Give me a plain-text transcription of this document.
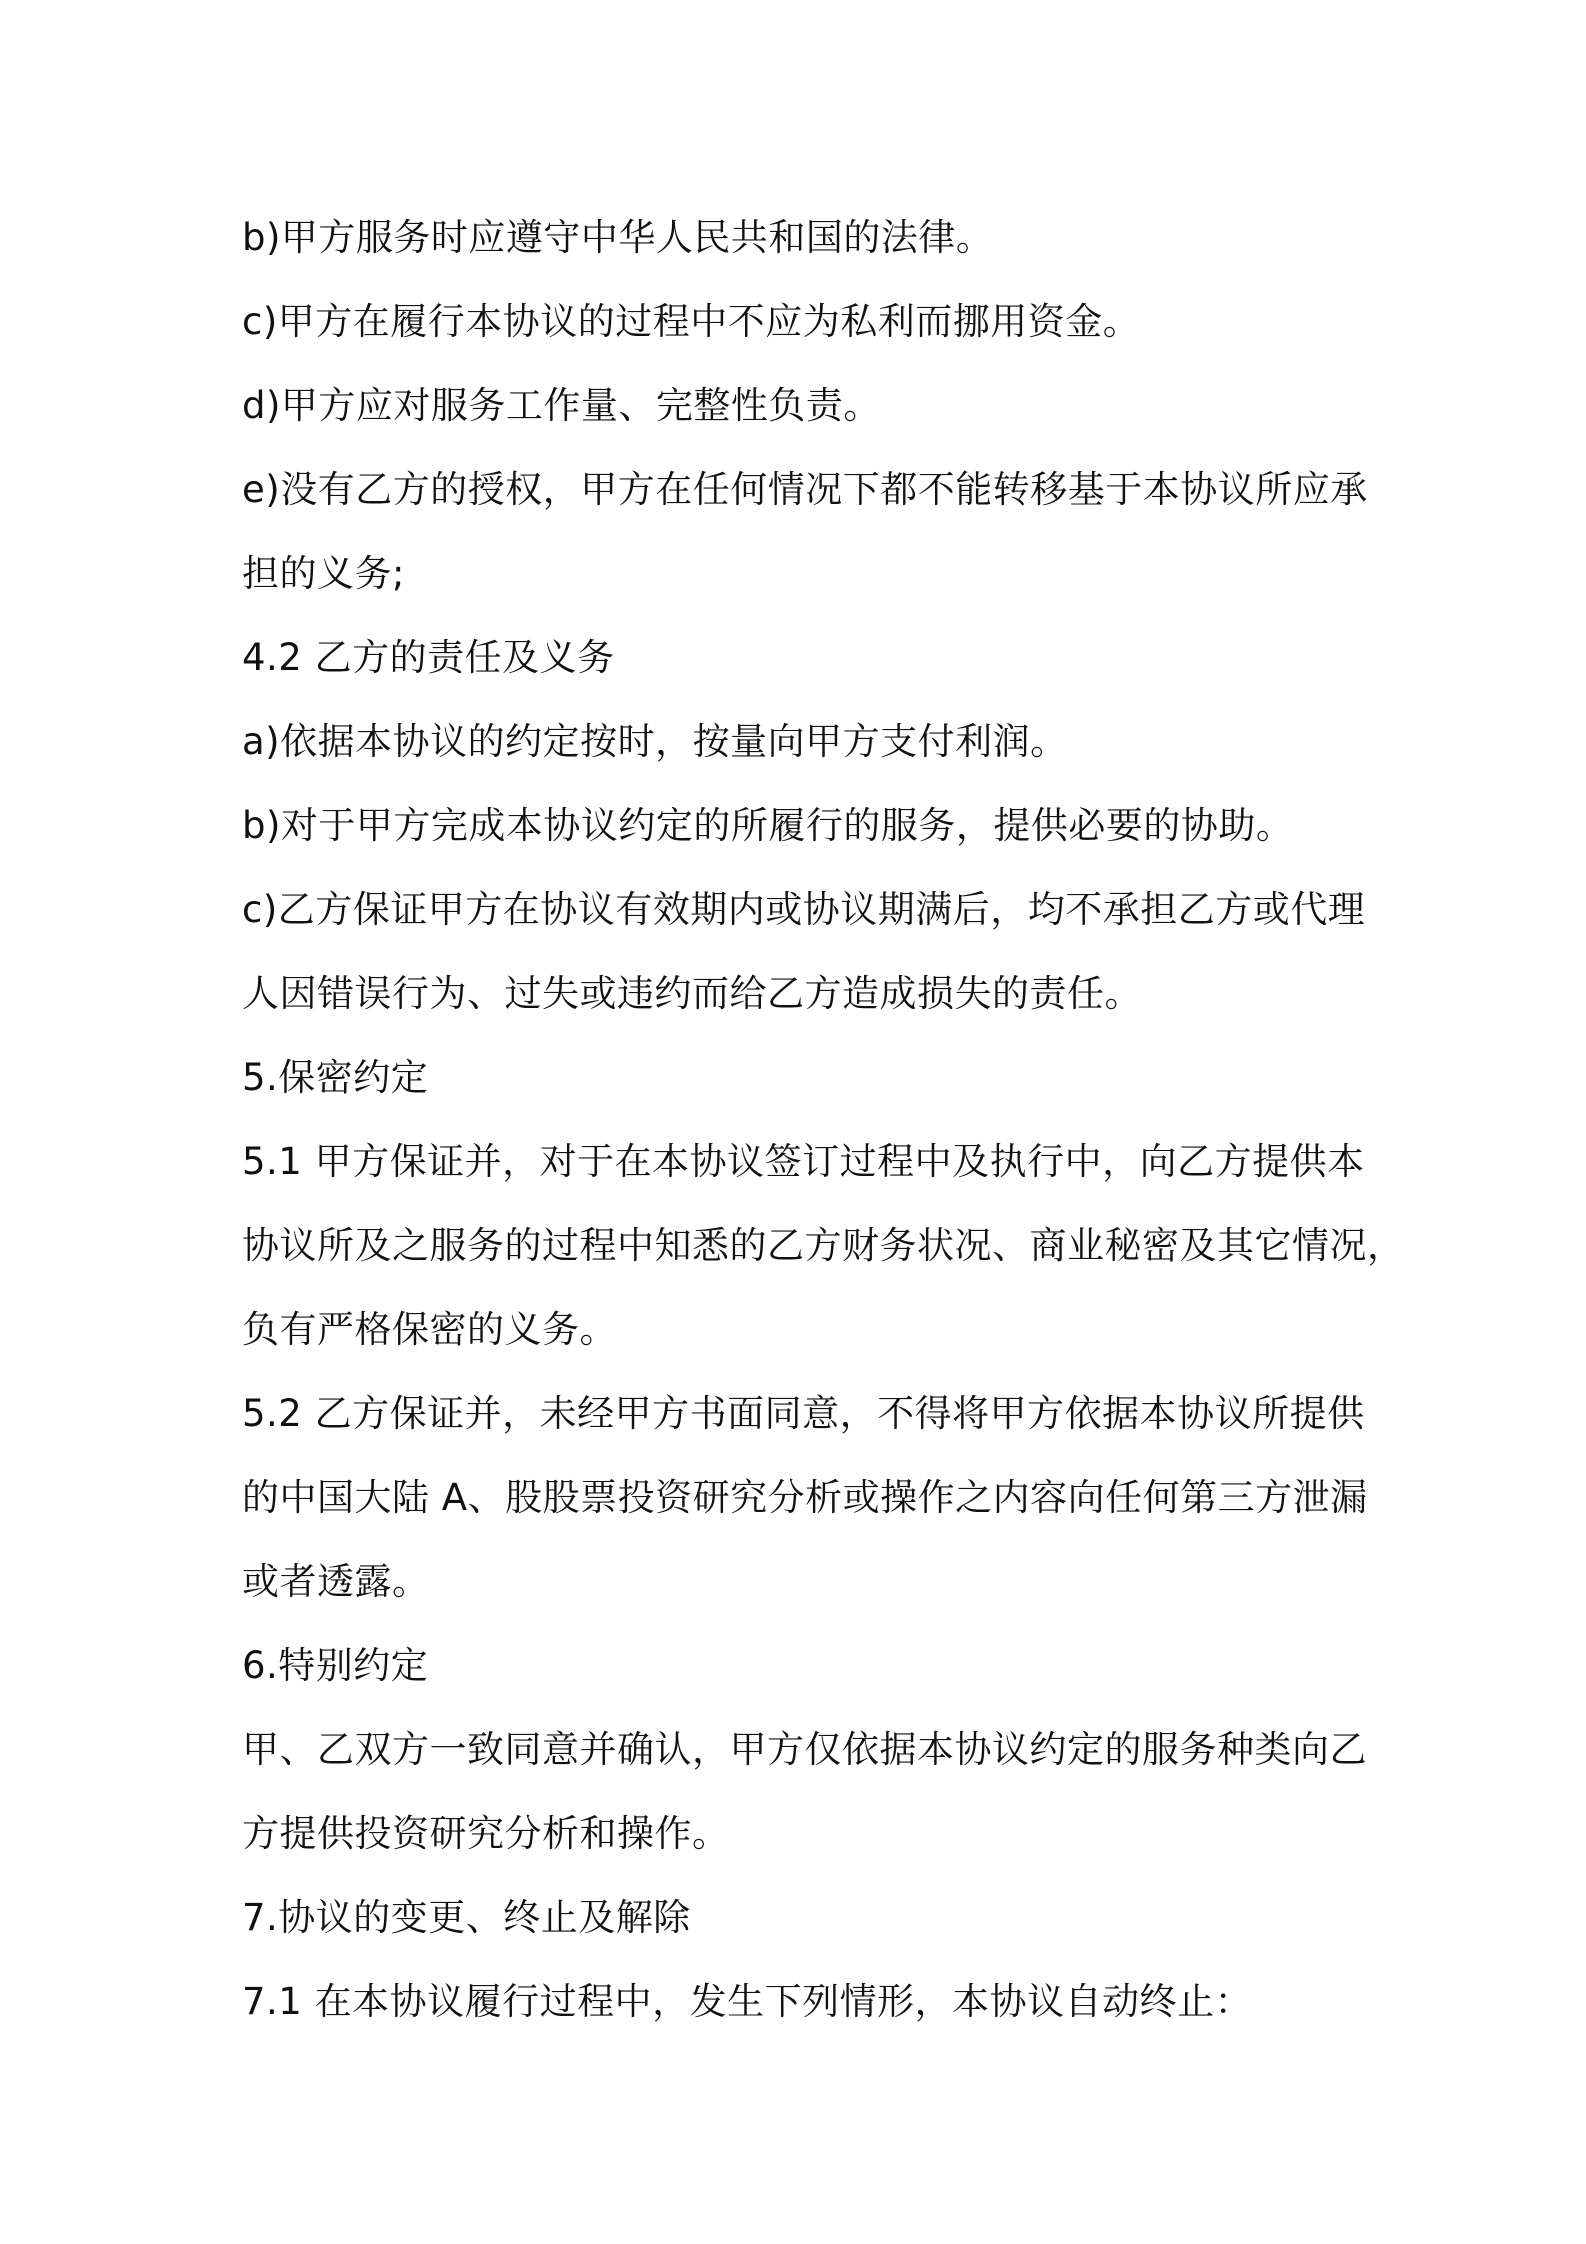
b)甲方服务时应遵守中华人民共和国的法律。
c)甲方在履行本协议的过程中不应为私利而挪用资金。
d)甲方应对服务工作量、完整性负责。
e)没有乙方的授权，甲方在任何情况下都不能转移基于本协议所应承
担的义务;
4.2 乙方的责任及义务
a)依据本协议的约定按时，按量向甲方支付利润。
b)对于甲方完成本协议约定的所履行的服务，提供必要的协助。
c)乙方保证甲方在协议有效期内或协议期满后，均不承担乙方或代理
人因错误行为、过失或违约而给乙方造成损失的责任。
5.保密约定
5.1 甲方保证并，对于在本协议签订过程中及执行中，向乙方提供本
协议所及之服务的过程中知悉的乙方财务状况、商业秘密及其它情况，
负有严格保密的义务。
5.2 乙方保证并，未经甲方书面同意，不得将甲方依据本协议所提供
的中国大陆 A、股股票投资研究分析或操作之内容向任何第三方泄漏
或者透露。
6.特别约定
甲、乙双方一致同意并确认，甲方仅依据本协议约定的服务种类向乙
方提供投资研究分析和操作。
7.协议的变更、终止及解除
7.1 在本协议履行过程中，发生下列情形，本协议自动终止：
